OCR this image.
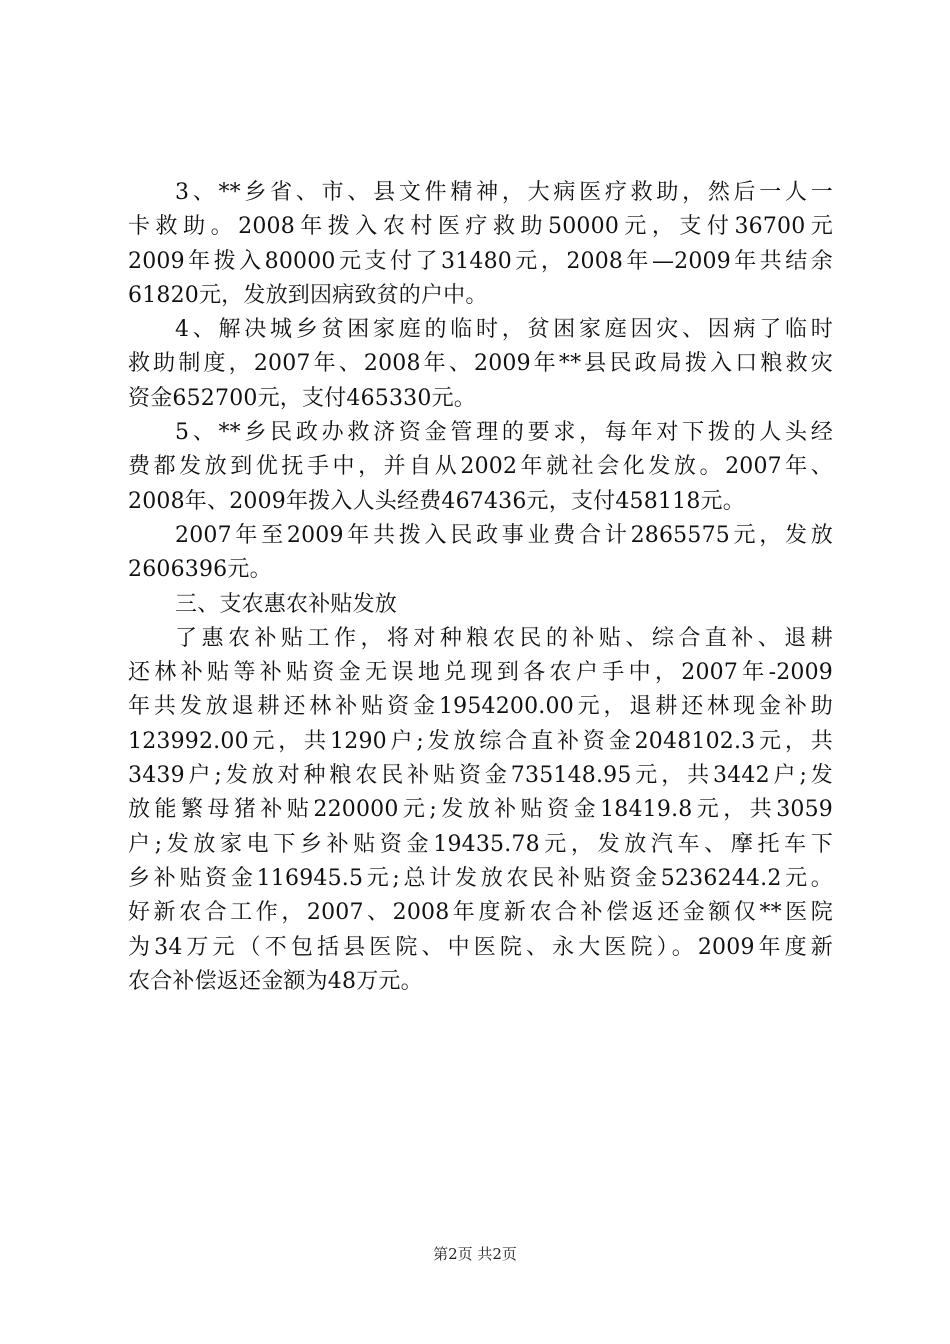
3、**乡省、市、县文件精神，大病医疗救助，然后一人一
卡救助。2008年拨入农村医疗救助50000元，支付36700元
2009年拨入80000元支付了31480元，2008年—2009年共结余
61820元，发放到因病致贫的户中。
4、解决城乡贫困家庭的临时，贫困家庭因灾、因病了临时
救助制度，2007年、2008年、2009年**县民政局拨入口粮救灾
资金652700元，支付465330元。
5、**乡民政办救济资金管理的要求，每年对下拨的人头经
费都发放到优抚手中，并自从2002年就社会化发放。2007年、
2008年、2009年拨入人头经费467436元，支付458118元。
2007年至2009年共拨入民政事业费合计2865575元，发放
2606396元。
三、支农惠农补贴发放
了惠农补贴工作，将对种粮农民的补贴、综合直补、退耕
还林补贴等补贴资金无误地兑现到各农户手中，2007年-2009
年共发放退耕还林补贴资金1954200.00元，退耕还林现金补助
123992.00元，共1290户;发放综合直补资金2048102.3元，共
3439户;发放对种粮农民补贴资金735148.95元，共3442户;发
放能繁母猪补贴220000元;发放补贴资金18419.8元，共3059
户;发放家电下乡补贴资金19435.78元，发放汽车、摩托车下
乡补贴资金116945.5元;总计发放农民补贴资金5236244.2元。
好新农合工作，2007、2008年度新农合补偿返还金额仅**医院
为34万元（不包括县医院、中医院、永大医院）。2009年度新
农合补偿返还金额为48万元。
第2页 共2页
